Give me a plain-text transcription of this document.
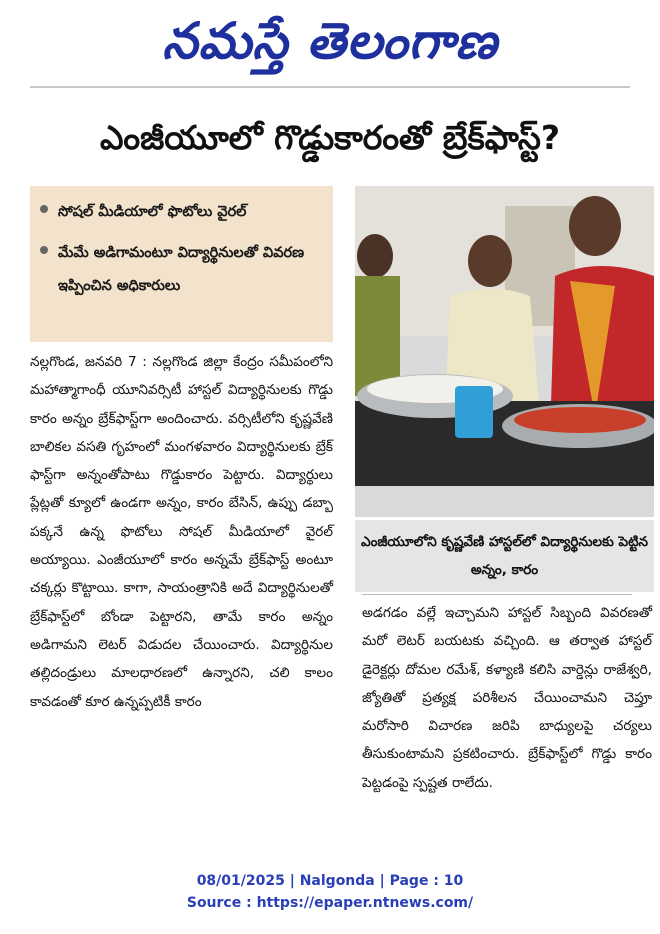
నమస్తే తెలంగాణ
ఎంజీయూలో గొడ్డుకారంతో బ్రేక్‌ఫాస్ట్?
సోషల్ మీడియాలో ఫొటోలు వైరల్
మేమే అడిగామంటూ విద్యార్థినులతో వివరణ ఇప్పించిన అధికారులు
ఎంజీయూలోని కృష్ణవేణి హాస్టల్‌లో విద్యార్థినులకు పెట్టిన అన్నం, కారం
నల్లగొండ, జనవరి 7 : నల్లగొండ జిల్లా కేంద్రం సమీపంలోని మహాత్మాగాంధీ యూనివర్సిటీ హాస్టల్ విద్యార్థినులకు గొడ్డు కారం అన్నం బ్రేక్‌ఫాస్ట్‌గా అందించారు. వర్సిటీలోని కృష్ణవేణి బాలికల వసతి గృహంలో మంగళవారం విద్యార్థినులకు బ్రేక్ ఫాస్ట్‌గా అన్నంతోపాటు గొడ్డుకారం పెట్టారు. విద్యార్థులు ప్లేట్లతో క్యూలో ఉండగా అన్నం, కారం బేసిన్, ఉప్పు డబ్బా పక్కనే ఉన్న ఫొటోలు సోషల్ మీడియాలో వైరల్ అయ్యాయి. ఎంజీయూలో కారం అన్నమే బ్రేక్‌ఫాస్ట్ అంటూ చక్కర్లు కొట్టాయి. కాగా, సాయంత్రానికి అదే విద్యార్థినులతో బ్రేక్‌ఫాస్ట్‌లో బోండా పెట్టారని, తామే కారం అన్నం అడిగామని లెటర్ విడుదల చేయించారు. విద్యార్థినుల తల్లిదండ్రులు మాలధారణలో ఉన్నారని, చలి కాలం కావడంతో కూర ఉన్నప్పటికీ కారం
అడగడం వల్లే ఇచ్చామని హాస్టల్ సిబ్బంది వివరణతో మరో లెటర్ బయటకు వచ్చింది. ఆ తర్వాత హాస్టల్ డైరెక్టర్లు దోమల రమేశ్, కళ్యాణి కలిసి వార్డెన్లు రాజేశ్వరి, జ్యోతితో ప్రత్యక్ష పరిశీలన చేయించామని చెప్తూ మరోసారి విచారణ జరిపి బాధ్యులపై చర్యలు తీసుకుంటామని ప్రకటించారు. బ్రేక్‌ఫాస్ట్‌లో గొడ్డు కారం పెట్టడంపై స్పష్టత రాలేదు.
08/01/2025 | Nalgonda | Page : 10
Source : https://epaper.ntnews.com/
